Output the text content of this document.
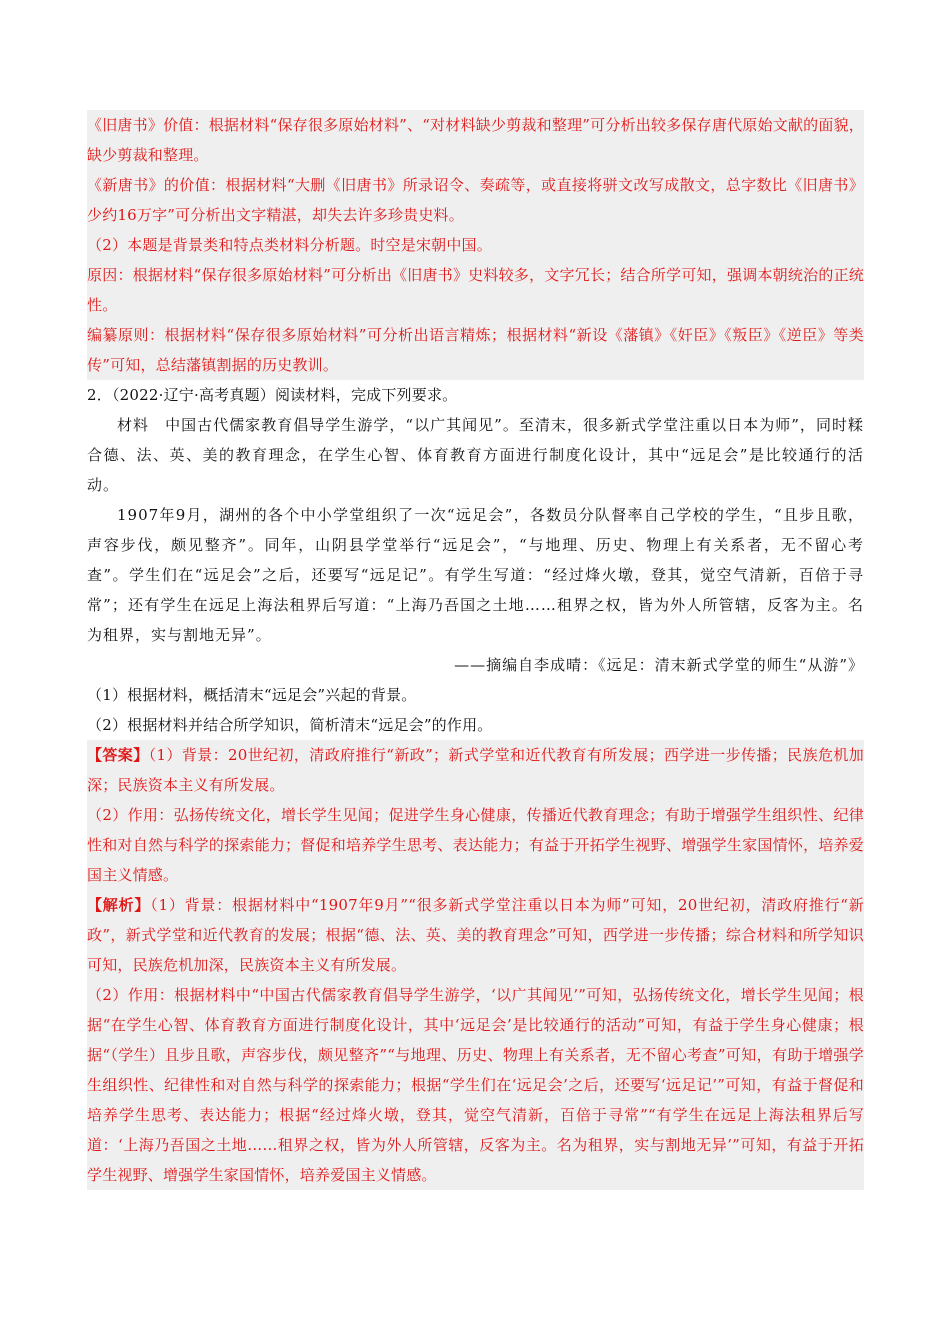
《旧唐书》价值：根据材料“保存很多原始材料”、“对材料缺少剪裁和整理”可分析出较多保存唐代原始文献的面貌，缺少剪裁和整理。

《新唐书》的价值：根据材料“大删《旧唐书》所录诏令、奏疏等，或直接将骈文改写成散文，总字数比《旧唐书》少约16万字”可分析出文字精湛，却失去许多珍贵史料。

（2）本题是背景类和特点类材料分析题。时空是宋朝中国。

原因：根据材料“保存很多原始材料”可分析出《旧唐书》史料较多，文字冗长；结合所学可知，强调本朝统治的正统性。

编纂原则：根据材料“保存很多原始材料”可分析出语言精炼；根据材料“新设《藩镇》《奸臣》《叛臣》《逆臣》等类传”可知，总结藩镇割据的历史教训。

2．（2022·辽宁·高考真题）阅读材料，完成下列要求。

材料　中国古代儒家教育倡导学生游学，“以广其闻见”。至清末，很多新式学堂注重以日本为师”，同时糅合德、法、英、美的教育理念，在学生心智、体育教育方面进行制度化设计，其中“远足会”是比较通行的活动。

1907年9月，湖州的各个中小学堂组织了一次“远足会”，各数员分队督率自己学校的学生，“且步且歌，声容步伐，颇见整齐”。同年，山阴县学堂举行“远足会”，“与地理、历史、物理上有关系者，无不留心考查”。学生们在“远足会”之后，还要写“远足记”。有学生写道：“经过烽火墩，登其，觉空气清新，百倍于寻常”；还有学生在远足上海法租界后写道：“上海乃吾国之土地……租界之权，皆为外人所管辖，反客为主。名为租界，实与割地无异”。

——摘编自李成晴：《远足：清末新式学堂的师生“从游”》

（1）根据材料，概括清末“远足会”兴起的背景。

（2）根据材料并结合所学知识，简析清末“远足会”的作用。

【答案】（1）背景：20世纪初，清政府推行“新政”；新式学堂和近代教育有所发展；西学进一步传播；民族危机加深；民族资本主义有所发展。

（2）作用：弘扬传统文化，增长学生见闻；促进学生身心健康，传播近代教育理念；有助于增强学生组织性、纪律性和对自然与科学的探索能力；督促和培养学生思考、表达能力；有益于开拓学生视野、增强学生家国情怀，培养爱国主义情感。

【解析】（1）背景：根据材料中“1907年9月”“很多新式学堂注重以日本为师”可知，20世纪初，清政府推行“新政”，新式学堂和近代教育的发展；根据“德、法、英、美的教育理念”可知，西学进一步传播；综合材料和所学知识可知，民族危机加深，民族资本主义有所发展。

（2）作用：根据材料中“中国古代儒家教育倡导学生游学，‘以广其闻见’”可知，弘扬传统文化，增长学生见闻；根据“在学生心智、体育教育方面进行制度化设计，其中‘远足会’是比较通行的活动”可知，有益于学生身心健康；根据“（学生）且步且歌，声容步伐，颇见整齐”“与地理、历史、物理上有关系者，无不留心考查”可知，有助于增强学生组织性、纪律性和对自然与科学的探索能力；根据“学生们在‘远足会’之后，还要写‘远足记’”可知，有益于督促和培养学生思考、表达能力；根据“经过烽火墩，登其，觉空气清新，百倍于寻常”“有学生在远足上海法租界后写道：‘上海乃吾国之土地……租界之权，皆为外人所管辖，反客为主。名为租界，实与割地无异’”可知，有益于开拓学生视野、增强学生家国情怀，培养爱国主义情感。
